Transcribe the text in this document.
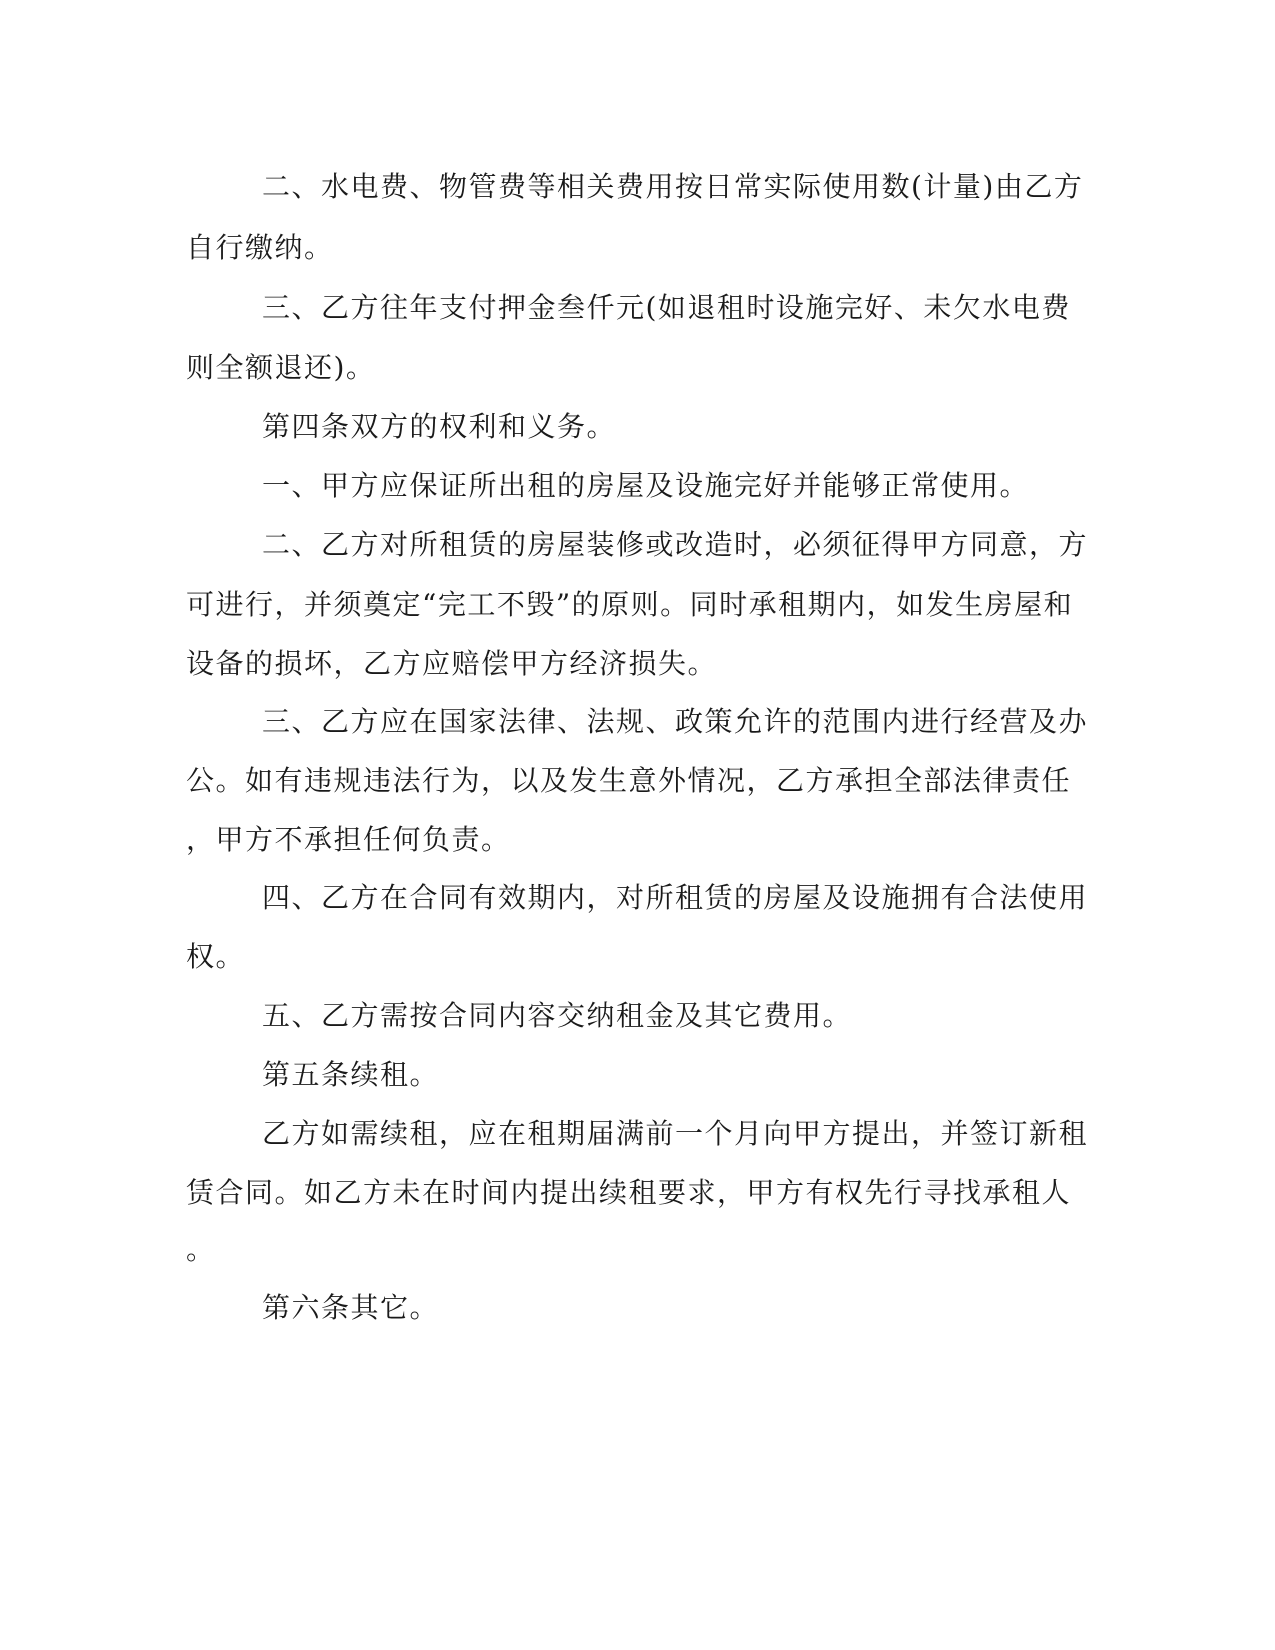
二、水电费、物管费等相关费用按日常实际使用数(计量)由乙方
自行缴纳。
三、乙方往年支付押金叁仟元(如退租时设施完好、未欠水电费
则全额退还)。
第四条双方的权利和义务。
一、甲方应保证所出租的房屋及设施完好并能够正常使用。
二、乙方对所租赁的房屋装修或改造时，必须征得甲方同意，方
可进行，并须奠定“完工不毁”的原则。同时承租期内，如发生房屋和
设备的损坏，乙方应赔偿甲方经济损失。
三、乙方应在国家法律、法规、政策允许的范围内进行经营及办
公。如有违规违法行为，以及发生意外情况，乙方承担全部法律责任
，甲方不承担任何负责。
四、乙方在合同有效期内，对所租赁的房屋及设施拥有合法使用
权。
五、乙方需按合同内容交纳租金及其它费用。
第五条续租。
乙方如需续租，应在租期届满前一个月向甲方提出，并签订新租
赁合同。如乙方未在时间内提出续租要求，甲方有权先行寻找承租人
。
第六条其它。
